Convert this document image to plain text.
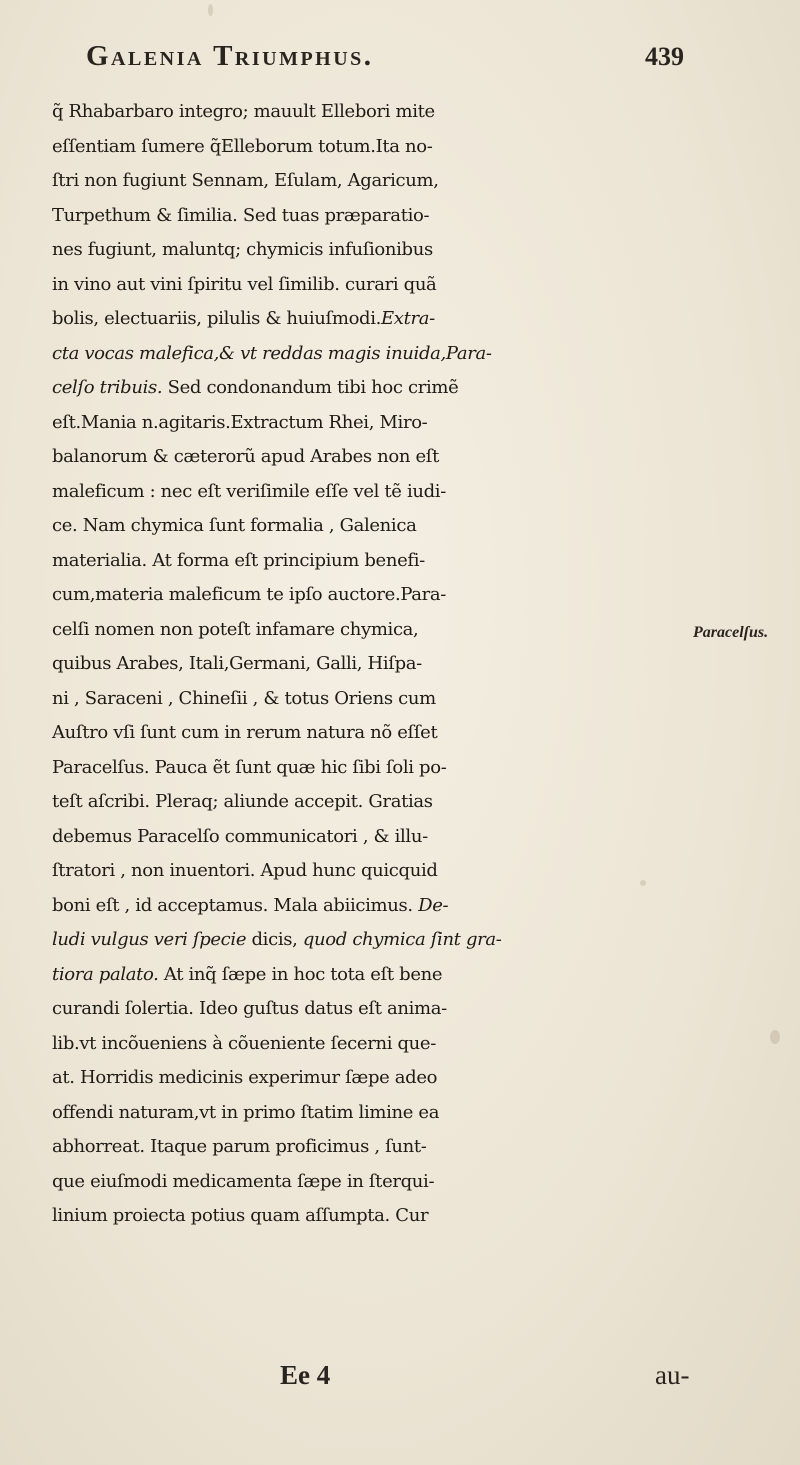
Galenia Triumphus.	439
q̃ Rhabarbaro integro; mauult Ellebori mite
eſſentiam ſumere q̃Elleborum totum.Ita no-
ſtri non fugiunt Sennam, Eſulam, Agaricum,
Turpethum & ſimilia. Sed tuas præparatio-
nes fugiunt, maluntq; chymicis infuſionibus
in vino aut vini ſpiritu vel ſimilib. curari quã
bolis, electuariis, pilulis & huiuſmodi.Extra-
cta vocas malefica,& vt reddas magis inuida,Para-
celſo tribuis. Sed condonandum tibi hoc crimẽ
eſt.Mania n.agitaris.Extractum Rhei, Miro-
balanorum & cæterorũ apud Arabes non eſt
maleficum : nec eſt veriſimile eſſe vel tẽ iudi-
ce. Nam chymica ſunt formalia , Galenica
materialia. At forma eſt principium benefi-
cum,materia maleficum te ipſo auctore.Para-
celſi nomen non poteſt infamare chymica,
quibus Arabes, Itali,Germani, Galli, Hiſpa-
ni , Saraceni , Chineſii , & totus Oriens cum
Auſtro vſi ſunt cum in rerum natura nõ eſſet
Paracelſus. Pauca ẽt ſunt quæ hic ſibi ſoli po-
teſt aſcribi. Pleraq; aliunde accepit. Gratias
debemus Paracelſo communicatori , & illu-
ſtratori , non inuentori. Apud hunc quicquid
boni eſt , id acceptamus. Mala abiicimus. De-
ludi vulgus veri ſpecie dicis, quod chymica ſint gra-
tiora palato. At inq̃ ſæpe in hoc tota eſt bene
curandi ſolertia. Ideo guſtus datus eſt anima-
lib.vt incõueniens à cõueniente ſecerni que-
at. Horridis medicinis experimur ſæpe adeo
offendi naturam,vt in primo ſtatim limine ea
abhorreat. Itaque parum proficimus , ſunt-
que eiuſmodi medicamenta ſæpe in ſterqui-
linium proiecta potius quam aſſumpta. Cur
Paracelſus.
Ee 4	au-
